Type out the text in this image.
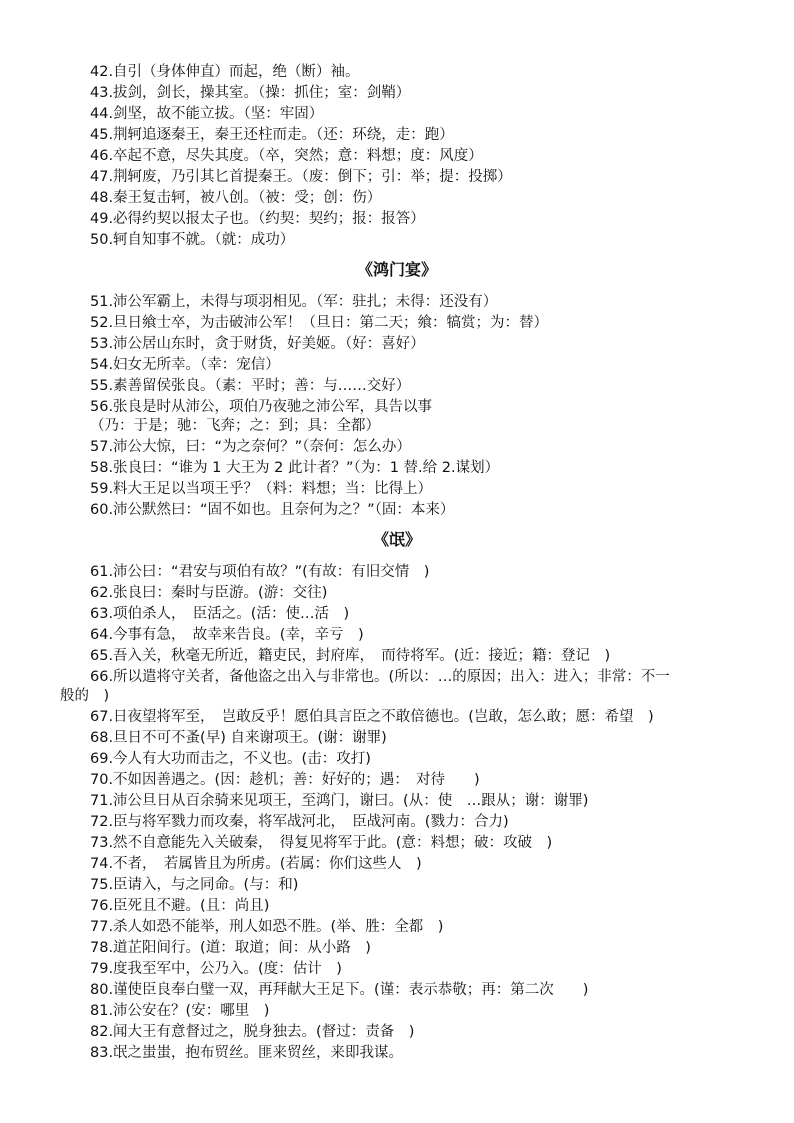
42.自引（身体伸直）而起，绝（断）袖。
43.拔剑，剑长，操其室。（操：抓住；室：剑鞘）
44.剑坚，故不能立拔。（坚：牢固）
45.荆轲追逐秦王，秦王还柱而走。（还：环绕，走：跑）
46.卒起不意，尽失其度。（卒，突然；意：料想；度：风度）
47.荆轲废，乃引其匕首提秦王。（废：倒下；引：举；提：投掷）
48.秦王复击轲，被八创。（被：受；创：伤）
49.必得约契以报太子也。（约契：契约；报：报答）
50.轲自知事不就。（就：成功）
《鸿门宴》
51.沛公军霸上，未得与项羽相见。（军：驻扎；未得：还没有）
52.旦日飨士卒，为击破沛公军！（旦日：第二天；飨：犒赏；为：替）
53.沛公居山东时，贪于财货，好美姬。（好：喜好）
54.妇女无所幸。（幸：宠信）
55.素善留侯张良。（素：平时；善：与……交好）
56.张良是时从沛公，项伯乃夜驰之沛公军，具告以事
（乃：于是；驰：飞奔；之：到；具：全都）
57.沛公大惊，曰：“为之奈何？”（奈何：怎么办）
58.张良曰：“谁为 1 大王为 2 此计者？”（为：1 替.给 2.谋划）
59.料大王足以当项王乎？（料：料想；当：比得上）
60.沛公默然曰：“固不如也。且奈何为之？”（固：本来）
《氓》
61.沛公曰：“君安与项伯有故？”(有故：有旧交情　)
62.张良曰：秦时与臣游。(游：交往)
63.项伯杀人，　臣活之。(活：使…活　)
64.今事有急，　故幸来告良。(幸，辛亏　)
65.吾入关，秋毫无所近，籍吏民，封府库，　而待将军。(近：接近；籍：登记　)
66.所以遣将守关者，备他盗之出入与非常也。(所以：…的原因；出入：进入；非常：不一
般的　)
67.日夜望将军至，　岂敢反乎！愿伯具言臣之不敢倍德也。(岂敢，怎么敢；愿：希望　)
68.旦日不可不蚤(早) 自来谢项王。(谢：谢罪)
69.今人有大功而击之，不义也。(击：攻打)
70.不如因善遇之。(因：趁机；善：好好的；遇：　对待　　)
71.沛公旦日从百余骑来见项王，至鸿门，谢曰。(从：使　…跟从；谢：谢罪)
72.臣与将军戮力而攻秦，将军战河北，　臣战河南。(戮力：合力)
73.然不自意能先入关破秦，　得复见将军于此。(意：料想；破：攻破　)
74.不者，　若属皆且为所虏。(若属：你们这些人　)
75.臣请入，与之同命。(与：和)
76.臣死且不避。(且：尚且)
77.杀人如恐不能举，刑人如恐不胜。(举、胜：全都　)
78.道芷阳间行。(道：取道；间：从小路　)
79.度我至军中，公乃入。(度：估计　)
80.谨使臣良奉白璧一双，再拜献大王足下。(谨：表示恭敬；再：第二次　　)
81.沛公安在？(安：哪里　)
82.闻大王有意督过之，脱身独去。(督过：责备　)
83.氓之蚩蚩，抱布贸丝。匪来贸丝，来即我谋。
